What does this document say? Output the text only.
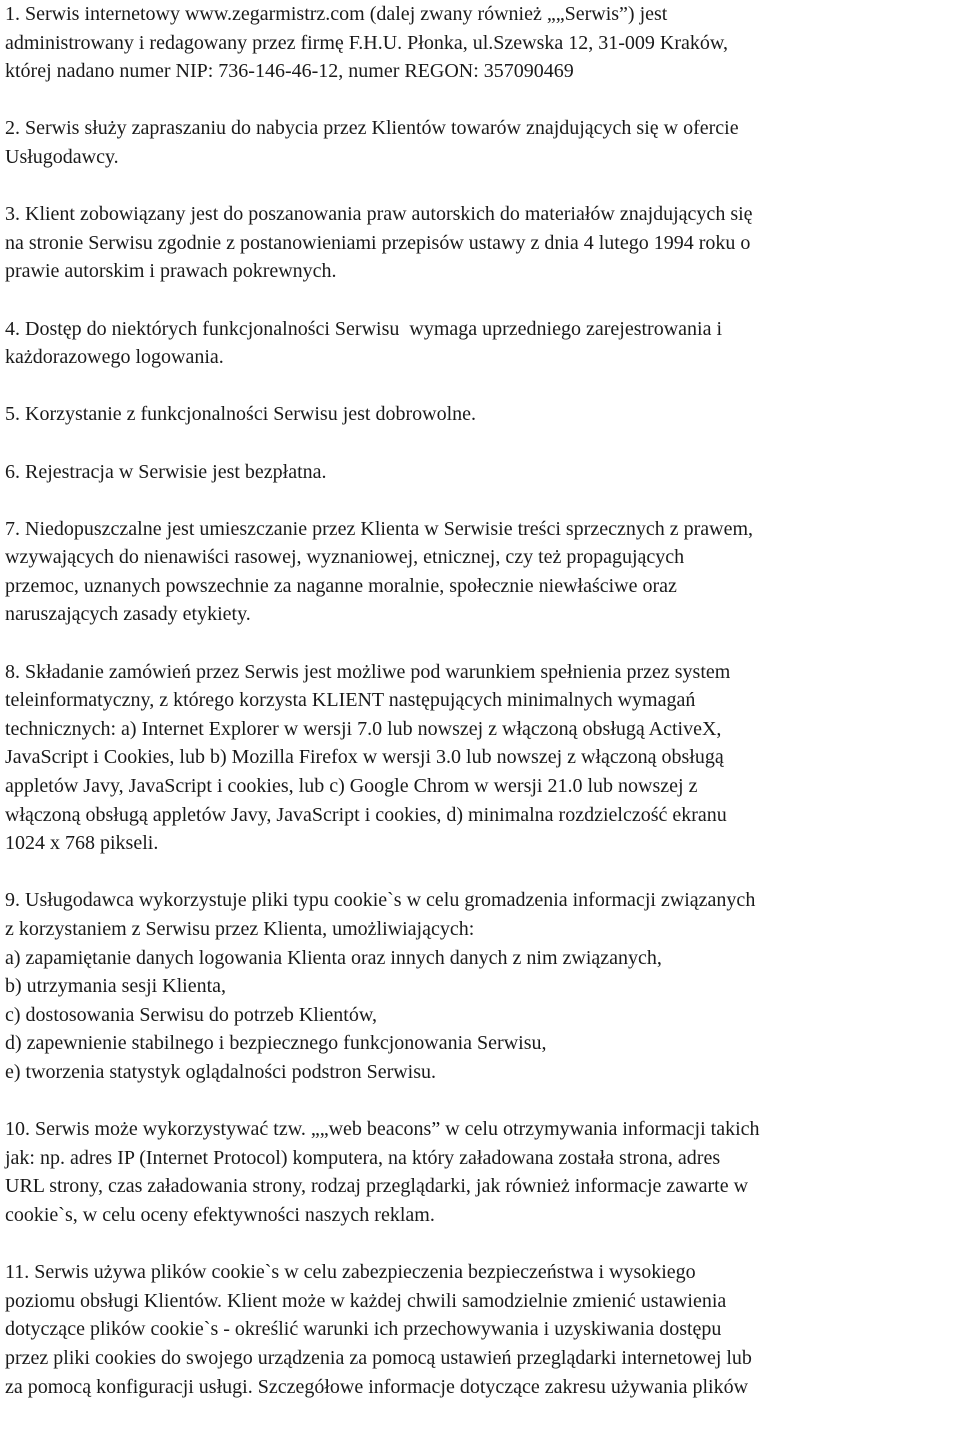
1. Serwis internetowy www.zegarmistrz.com (dalej zwany również „„Serwis”) jest
administrowany i redagowany przez firmę F.H.U. Płonka, ul.Szewska 12, 31-009 Kraków,
której nadano numer NIP: 736-146-46-12, numer REGON: 357090469
2. Serwis służy zapraszaniu do nabycia przez Klientów towarów znajdujących się w ofercie
Usługodawcy.
3. Klient zobowiązany jest do poszanowania praw autorskich do materiałów znajdujących się
na stronie Serwisu zgodnie z postanowieniami przepisów ustawy z dnia 4 lutego 1994 roku o
prawie autorskim i prawach pokrewnych.
4. Dostęp do niektórych funkcjonalności Serwisu  wymaga uprzedniego zarejestrowania i
każdorazowego logowania.
5. Korzystanie z funkcjonalności Serwisu jest dobrowolne.
6. Rejestracja w Serwisie jest bezpłatna.
7. Niedopuszczalne jest umieszczanie przez Klienta w Serwisie treści sprzecznych z prawem,
wzywających do nienawiści rasowej, wyznaniowej, etnicznej, czy też propagujących
przemoc, uznanych powszechnie za naganne moralnie, społecznie niewłaściwe oraz
naruszających zasady etykiety.
8. Składanie zamówień przez Serwis jest możliwe pod warunkiem spełnienia przez system
teleinformatyczny, z którego korzysta KLIENT następujących minimalnych wymagań
technicznych: a) Internet Explorer w wersji 7.0 lub nowszej z włączoną obsługą ActiveX,
JavaScript i Cookies, lub b) Mozilla Firefox w wersji 3.0 lub nowszej z włączoną obsługą
appletów Javy, JavaScript i cookies, lub c) Google Chrom w wersji 21.0 lub nowszej z
włączoną obsługą appletów Javy, JavaScript i cookies, d) minimalna rozdzielczość ekranu
1024 x 768 pikseli.
9. Usługodawca wykorzystuje pliki typu cookie`s w celu gromadzenia informacji związanych
z korzystaniem z Serwisu przez Klienta, umożliwiających:
a) zapamiętanie danych logowania Klienta oraz innych danych z nim związanych,
b) utrzymania sesji Klienta,
c) dostosowania Serwisu do potrzeb Klientów,
d) zapewnienie stabilnego i bezpiecznego funkcjonowania Serwisu,
e) tworzenia statystyk oglądalności podstron Serwisu.
10. Serwis może wykorzystywać tzw. „„web beacons” w celu otrzymywania informacji takich
jak: np. adres IP (Internet Protocol) komputera, na który załadowana została strona, adres
URL strony, czas załadowania strony, rodzaj przeglądarki, jak również informacje zawarte w
cookie`s, w celu oceny efektywności naszych reklam.
11. Serwis używa plików cookie`s w celu zabezpieczenia bezpieczeństwa i wysokiego
poziomu obsługi Klientów. Klient może w każdej chwili samodzielnie zmienić ustawienia
dotyczące plików cookie`s - określić warunki ich przechowywania i uzyskiwania dostępu
przez pliki cookies do swojego urządzenia za pomocą ustawień przeglądarki internetowej lub
za pomocą konfiguracji usługi. Szczegółowe informacje dotyczące zakresu używania plików
